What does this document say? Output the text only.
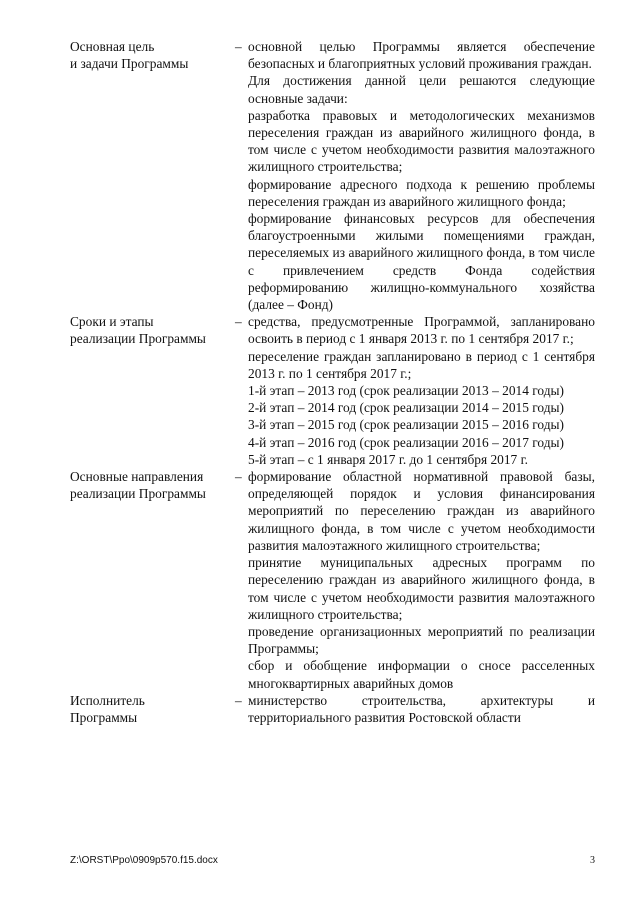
Основная цель
и задачи Программы
– основной целью Программы является обеспечение безопасных и благоприятных условий проживания граждан.

Для достижения данной цели решаются следующие основные задачи:

разработка правовых и методологических механизмов переселения граждан из аварийного жилищного фонда, в том числе с учетом необходимости развития малоэтажного жилищного строительства;

формирование адресного подхода к решению проблемы переселения граждан из аварийного жилищного фонда;

формирование финансовых ресурсов для обеспечения благоустроенными жилыми помещениями граждан, переселяемых из аварийного жилищного фонда, в том числе с привлечением средств Фонда содействия реформированию жилищно-коммунального хозяйства (далее – Фонд)

Сроки и этапы
реализации Программы
– средства, предусмотренные Программой, запланировано освоить в период с 1 января 2013 г. по 1 сентября 2017 г.;

переселение граждан запланировано в период с 1 сентября 2013 г. по 1 сентября 2017 г.;

1-й этап – 2013 год (срок реализации 2013 – 2014 годы)

2-й этап – 2014 год (срок реализации 2014 – 2015 годы)

3-й этап – 2015 год (срок реализации 2015 – 2016 годы)

4-й этап – 2016 год (срок реализации 2016 – 2017 годы)

5-й этап – с 1 января 2017 г. до 1 сентября 2017 г.

Основные направления
реализации Программы
– формирование областной нормативной правовой базы, определяющей порядок и условия финансирования мероприятий по переселению граждан из аварийного жилищного фонда, в том числе с учетом необходимости развития малоэтажного жилищного строительства;

принятие муниципальных адресных программ по переселению граждан из аварийного жилищного фонда, в том числе с учетом необходимости развития малоэтажного жилищного строительства;

проведение организационных мероприятий по реализации Программы;

сбор и обобщение информации о сносе расселенных многоквартирных аварийных домов

Исполнитель
Программы
– министерство строительства, архитектуры и территориального развития Ростовской области

Z:\ORST\Ppo\0909p570.f15.docx	3
